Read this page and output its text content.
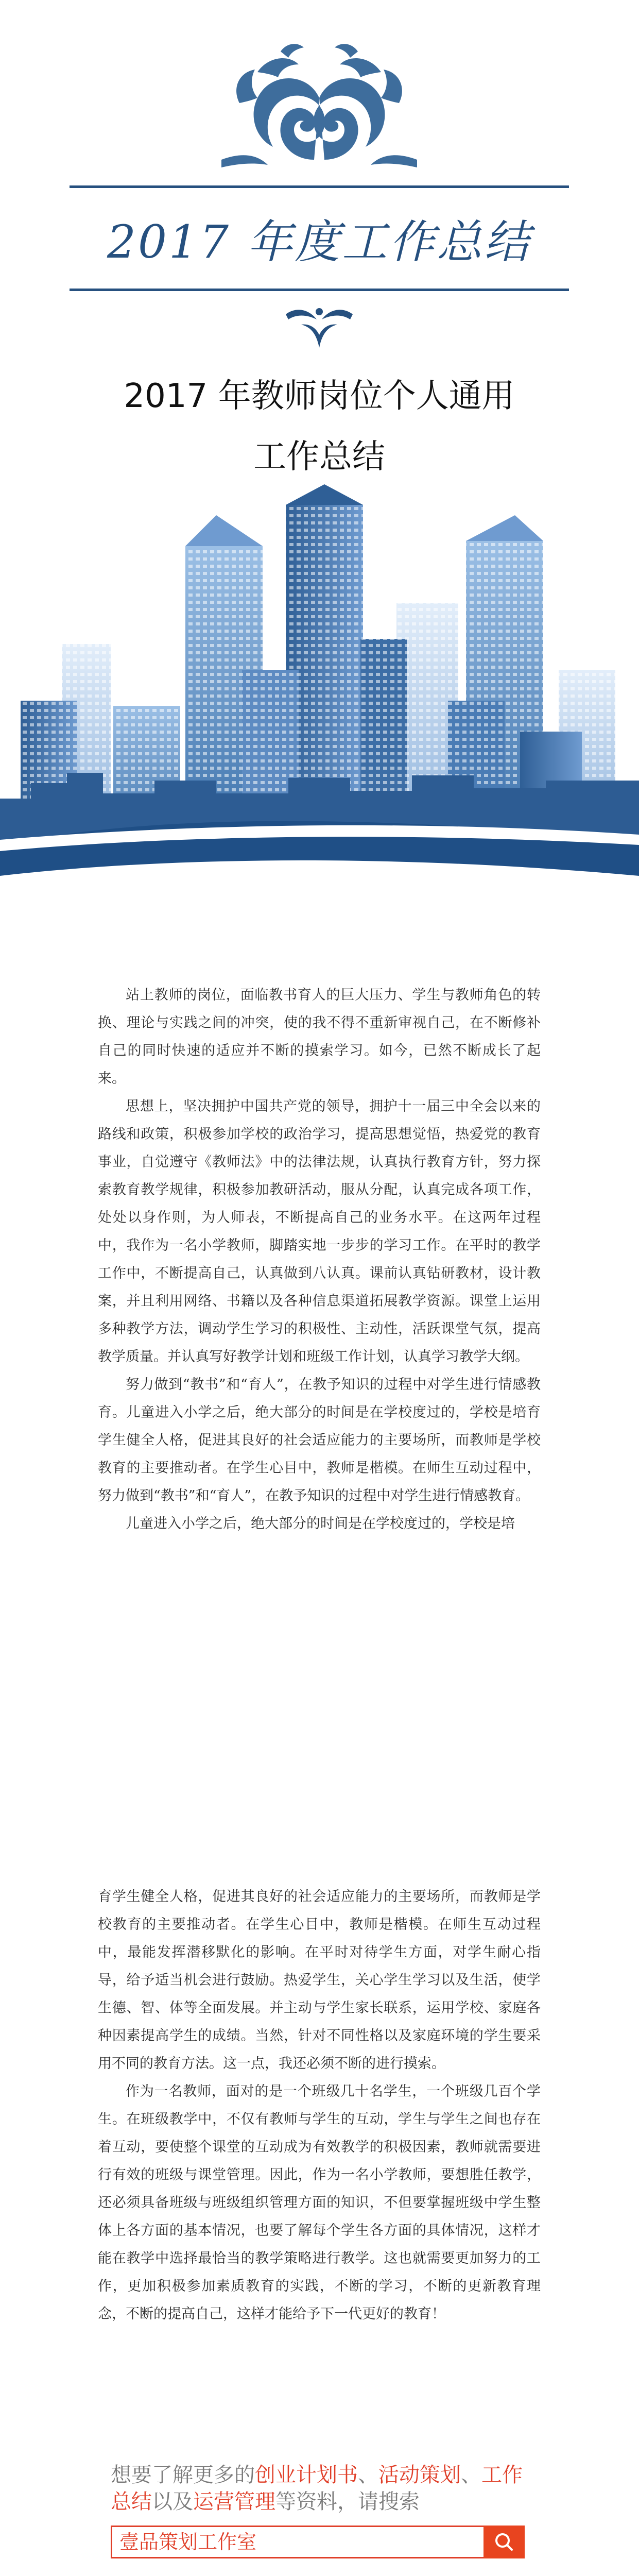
2017 年度工作总结
2017 年教师岗位个人通用
工作总结

站上教师的岗位，面临教书育人的巨大压力、学生与教师角色的转换、理论与实践之间的冲突，使的我不得不重新审视自己，在不断修补自己的同时快速的适应并不断的摸索学习。如今，已然不断成长了起来。

思想上，坚决拥护中国共产党的领导，拥护十一届三中全会以来的路线和政策，积极参加学校的政治学习，提高思想觉悟，热爱党的教育事业，自觉遵守《教师法》中的法律法规，认真执行教育方针，努力探索教育教学规律，积极参加教研活动，服从分配，认真完成各项工作，处处以身作则，为人师表，不断提高自己的业务水平。在这两年过程中，我作为一名小学教师，脚踏实地一步步的学习工作。在平时的教学工作中，不断提高自己，认真做到八认真。课前认真钻研教材，设计教案，并且利用网络、书籍以及各种信息渠道拓展教学资源。课堂上运用多种教学方法，调动学生学习的积极性、主动性，活跃课堂气氛，提高教学质量。并认真写好教学计划和班级工作计划，认真学习教学大纲。

努力做到“教书”和“育人”，在教予知识的过程中对学生进行情感教育。儿童进入小学之后，绝大部分的时间是在学校度过的，学校是培育学生健全人格，促进其良好的社会适应能力的主要场所，而教师是学校教育的主要推动者。在学生心目中，教师是楷模。在师生互动过程中，努力做到“教书”和“育人”，在教予知识的过程中对学生进行情感教育。

儿童进入小学之后，绝大部分的时间是在学校度过的，学校是培

育学生健全人格，促进其良好的社会适应能力的主要场所，而教师是学校教育的主要推动者。在学生心目中，教师是楷模。在师生互动过程中，最能发挥潜移默化的影响。在平时对待学生方面，对学生耐心指导，给予适当机会进行鼓励。热爱学生，关心学生学习以及生活，使学生德、智、体等全面发展。并主动与学生家长联系，运用学校、家庭各种因素提高学生的成绩。当然，针对不同性格以及家庭环境的学生要采用不同的教育方法。这一点，我还必须不断的进行摸索。

作为一名教师，面对的是一个班级几十名学生，一个班级几百个学生。在班级教学中，不仅有教师与学生的互动，学生与学生之间也存在着互动，要使整个课堂的互动成为有效教学的积极因素，教师就需要进行有效的班级与课堂管理。因此，作为一名小学教师，要想胜任教学，还必须具备班级与班级组织管理方面的知识，不但要掌握班级中学生整体上各方面的基本情况，也要了解每个学生各方面的具体情况，这样才能在教学中选择最恰当的教学策略进行教学。这也就需要更加努力的工作，更加积极参加素质教育的实践，不断的学习，不断的更新教育理念，不断的提高自己，这样才能给予下一代更好的教育！

想要了解更多的创业计划书、活动策划、工作总结以及运营管理等资料，请搜索
壹品策划工作室
